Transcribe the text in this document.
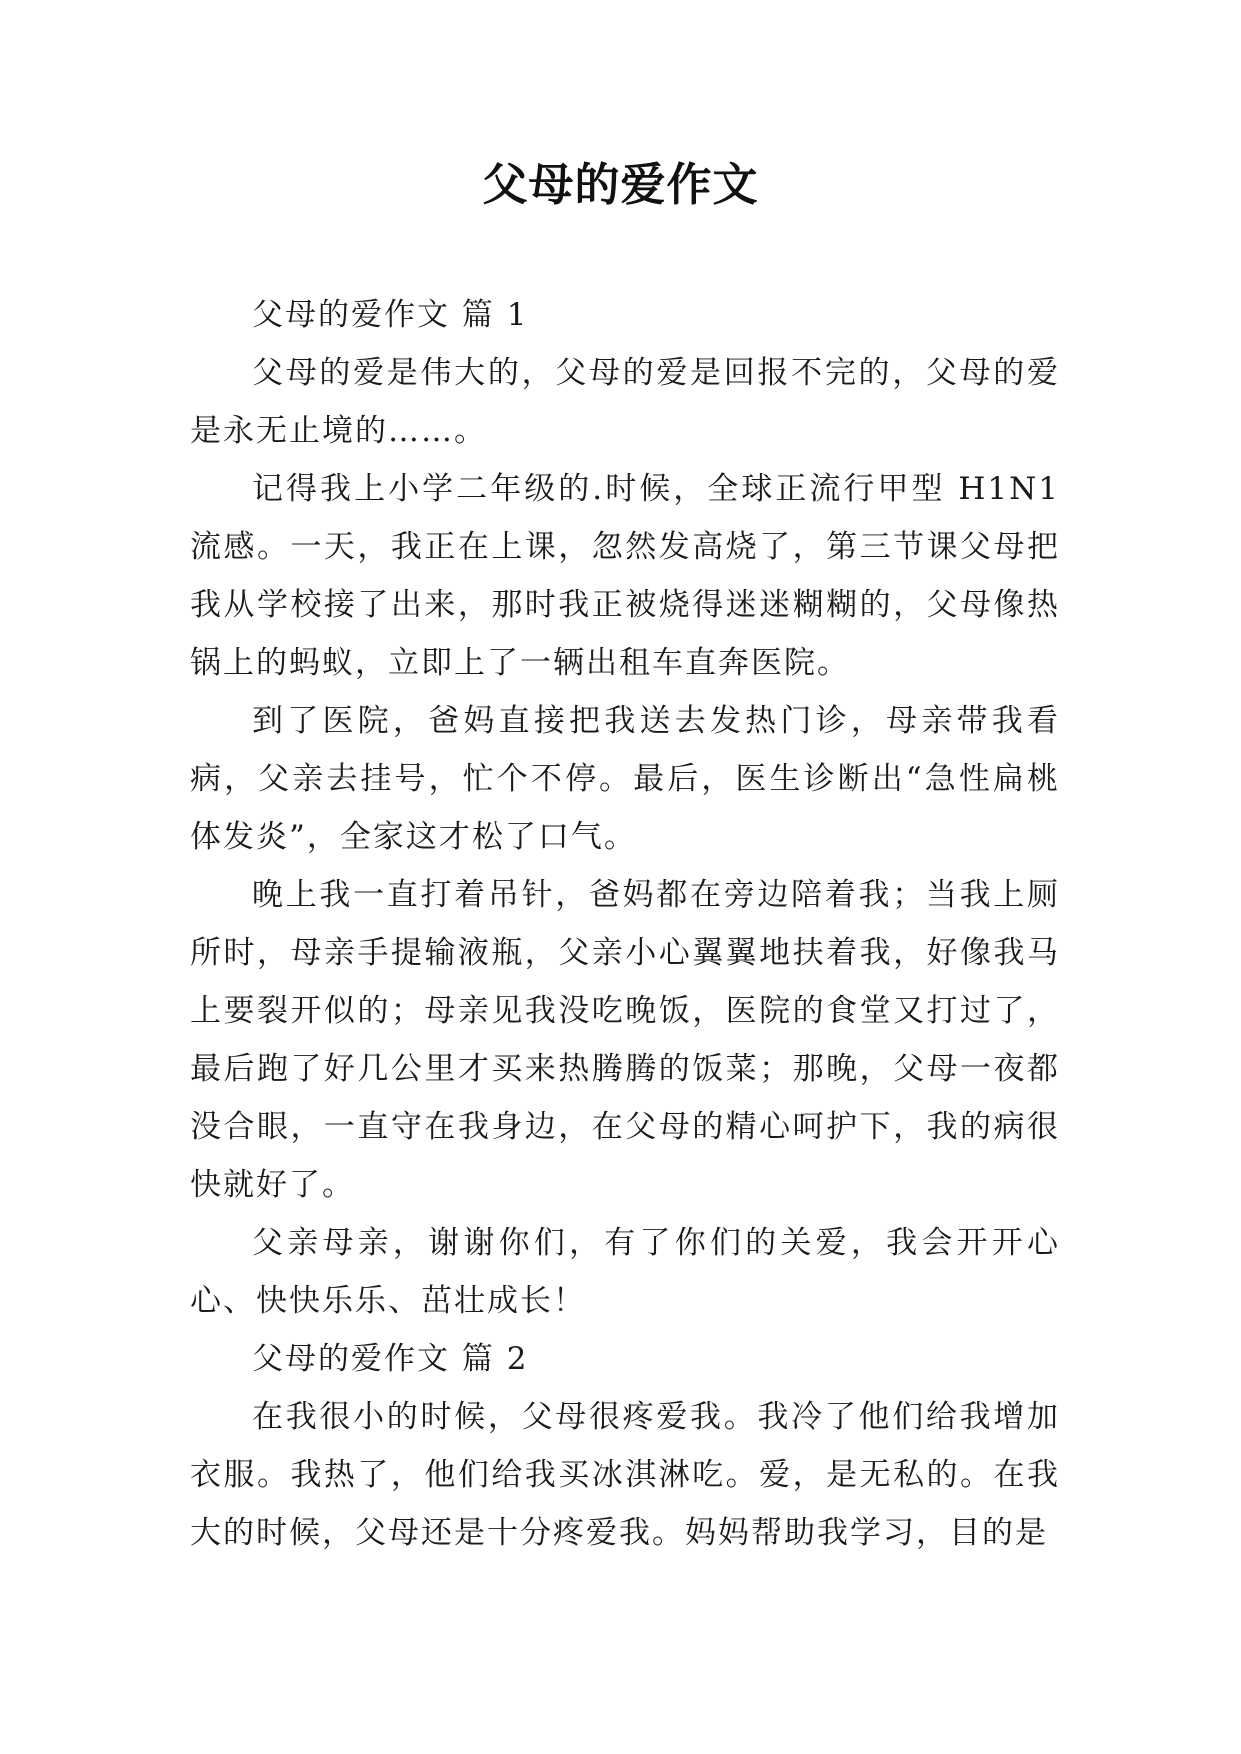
父母的爱作文

父母的爱作文 篇 1

父母的爱是伟大的，父母的爱是回报不完的，父母的爱是永无止境的……。

记得我上小学二年级的.时候，全球正流行甲型 H1N1 流感。一天，我正在上课，忽然发高烧了，第三节课父母把我从学校接了出来，那时我正被烧得迷迷糊糊的，父母像热锅上的蚂蚁，立即上了一辆出租车直奔医院。

到了医院，爸妈直接把我送去发热门诊，母亲带我看病，父亲去挂号，忙个不停。最后，医生诊断出“急性扁桃体发炎”，全家这才松了口气。

晚上我一直打着吊针，爸妈都在旁边陪着我；当我上厕所时，母亲手提输液瓶，父亲小心翼翼地扶着我，好像我马上要裂开似的；母亲见我没吃晚饭，医院的食堂又打过了，最后跑了好几公里才买来热腾腾的饭菜；那晚，父母一夜都没合眼，一直守在我身边，在父母的精心呵护下，我的病很快就好了。

父亲母亲，谢谢你们，有了你们的关爱，我会开开心心、快快乐乐、茁壮成长！

父母的爱作文 篇 2

在我很小的时候，父母很疼爱我。我冷了他们给我增加衣服。我热了，他们给我买冰淇淋吃。爱，是无私的。在我大的时候，父母还是十分疼爱我。妈妈帮助我学习，目的是
